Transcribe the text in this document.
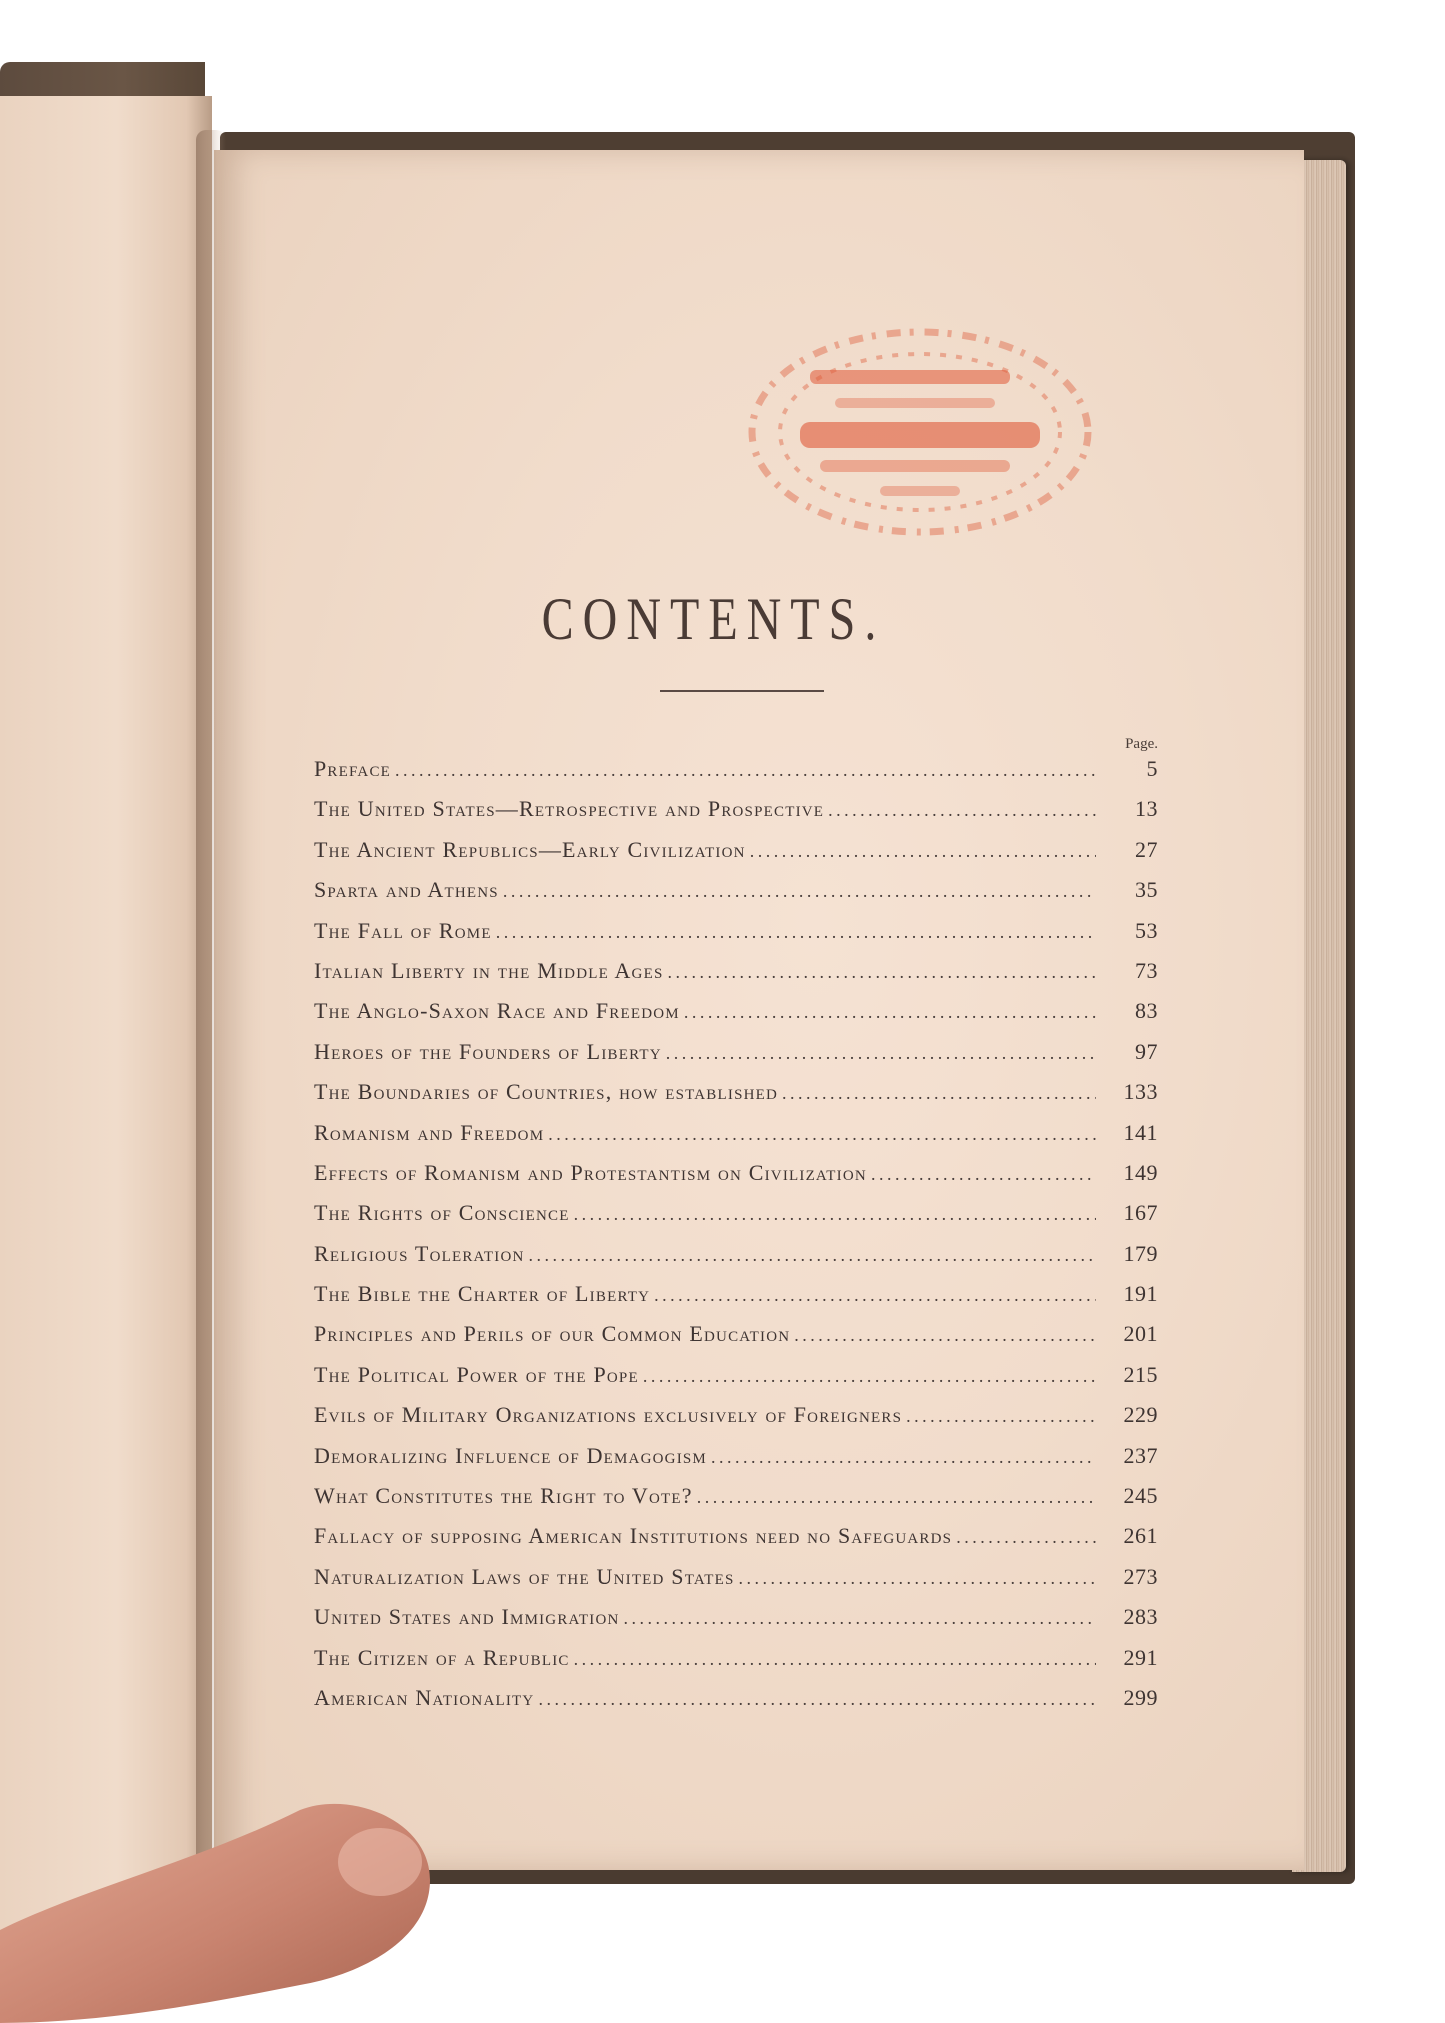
CONTENTS.
Page.
Preface .....	5
The United States—Retrospective and Prospective .....	13
The Ancient Republics—Early Civilization .....	27
Sparta and Athens .....	35
The Fall of Rome .....	53
Italian Liberty in the Middle Ages .....	73
The Anglo-Saxon Race and Freedom .....	83
Heroes of the Founders of Liberty .....	97
The Boundaries of Countries, how established .....	133
Romanism and Freedom .....	141
Effects of Romanism and Protestantism on Civilization .....	149
The Rights of Conscience .....	167
Religious Toleration .....	179
The Bible the Charter of Liberty .....	191
Principles and Perils of our Common Education .....	201
The Political Power of the Pope .....	215
Evils of Military Organizations exclusively of Foreigners .....	229
Demoralizing Influence of Demagogism .....	237
What Constitutes the Right to Vote? .....	245
Fallacy of supposing American Institutions need no Safeguards .....	261
Naturalization Laws of the United States .....	273
United States and Immigration .....	283
The Citizen of a Republic .....	291
American Nationality .....	299
